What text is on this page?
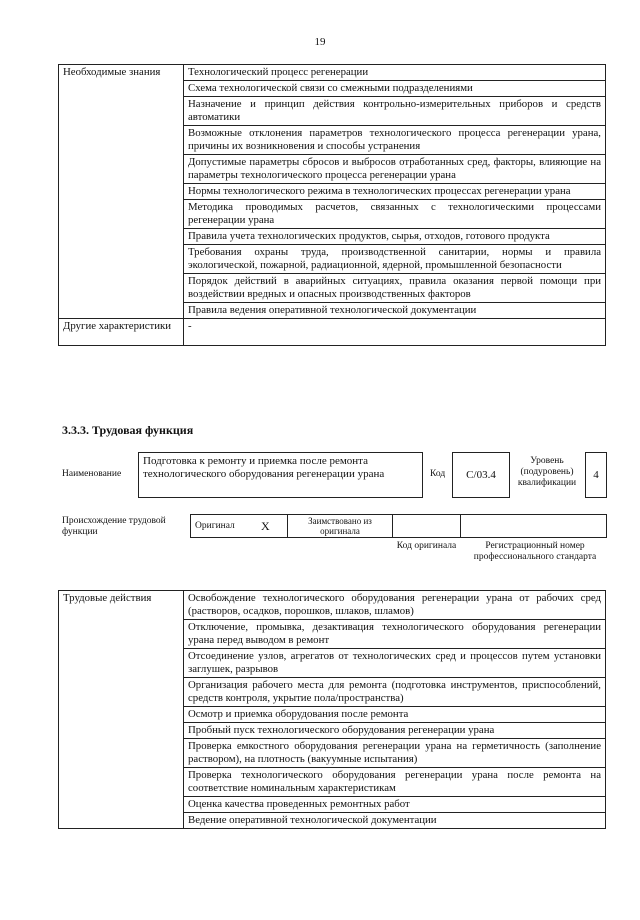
19
Необходимые знания	Технологический процесс регенерации
	Схема технологической связи со смежными подразделениями
	Назначение и принцип действия контрольно-измерительных приборов и средств автоматики
	Возможные отклонения параметров технологического процесса регенерации урана, причины их возникновения и способы устранения
	Допустимые параметры сбросов и выбросов отработанных сред, факторы, влияющие на параметры технологического процесса регенерации урана
	Нормы технологического режима в технологических процессах регенерации урана
	Методика проводимых расчетов, связанных с технологическими процессами регенерации урана
	Правила учета технологических продуктов, сырья, отходов, готового продукта
	Требования охраны труда, производственной санитарии, нормы и правила экологической, пожарной, радиационной, ядерной, промышленной безопасности
	Порядок действий в аварийных ситуациях, правила оказания первой помощи при воздействии вредных и опасных производственных факторов
	Правила ведения оперативной технологической документации
Другие характеристики	-
3.3.3. Трудовая функция
Наименование
Подготовка к ремонту и приемка после ремонта технологического оборудования регенерации урана	Код	C/03.4
Уровень (подуровень) квалификации
4
Происхождение трудовой функции
Оригинал X	Заимствовано из оригинала
Код оригинала	Регистрационный номер профессионального стандарта
Трудовые действия	Освобождение технологического оборудования регенерации урана от рабочих сред (растворов, осадков, порошков, шлаков, шламов)
Отключение, промывка, дезактивация технологического оборудования регенерации урана перед выводом в ремонт
Отсоединение узлов, агрегатов от технологических сред и процессов путем установки заглушек, разрывов
Организация рабочего места для ремонта (подготовка инструментов, приспособлений, средств контроля, укрытие пола/пространства)
Осмотр и приемка оборудования после ремонта
Пробный пуск технологического оборудования регенерации урана
Проверка емкостного оборудования регенерации урана на герметичность (заполнение раствором), на плотность (вакуумные испытания)
Проверка технологического оборудования регенерации урана после ремонта на соответствие номинальным характеристикам
Оценка качества проведенных ремонтных работ
Ведение оперативной технологической документации
